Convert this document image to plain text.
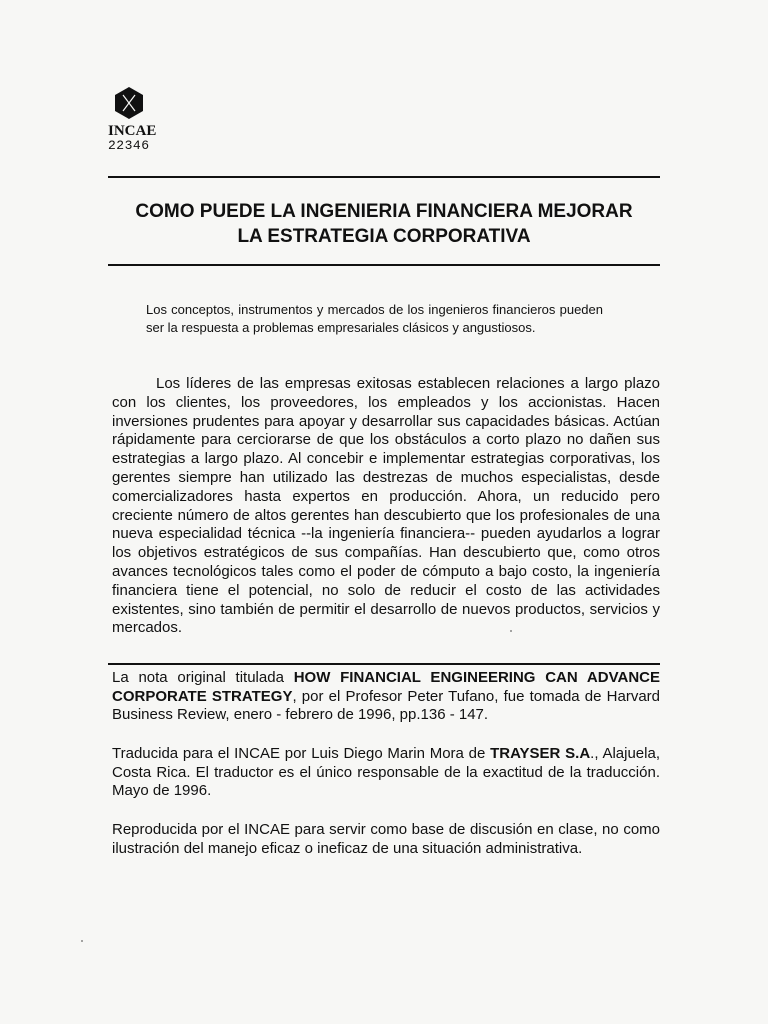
INCAE
22346
COMO PUEDE LA INGENIERIA FINANCIERA MEJORAR
LA ESTRATEGIA CORPORATIVA
Los conceptos, instrumentos y mercados de los ingenieros financieros pueden ser la respuesta a problemas empresariales clásicos y angustiosos.

Los líderes de las empresas exitosas establecen relaciones a largo plazo con los clientes, los proveedores, los empleados y los accionistas. Hacen inversiones prudentes para apoyar y desarrollar sus capacidades básicas. Actúan rápidamente para cerciorarse de que los obstáculos a corto plazo no dañen sus estrategias a largo plazo. Al concebir e implementar estrategias corporativas, los gerentes siempre han utilizado las destrezas de muchos especialistas, desde comercializadores hasta expertos en producción. Ahora, un reducido pero creciente número de altos gerentes han descubierto que los profesionales de una nueva especialidad técnica --la ingeniería financiera-- pueden ayudarlos a lograr los objetivos estratégicos de sus compañías. Han descubierto que, como otros avances tecnológicos tales como el poder de cómputo a bajo costo, la ingeniería financiera tiene el potencial, no solo de reducir el costo de las actividades existentes, sino también de permitir el desarrollo de nuevos productos, servicios y mercados.

La nota original titulada HOW FINANCIAL ENGINEERING CAN ADVANCE CORPORATE STRATEGY, por el Profesor Peter Tufano, fue tomada de Harvard Business Review, enero - febrero de 1996, pp.136 - 147.

Traducida para el INCAE por Luis Diego Marin Mora de TRAYSER S.A., Alajuela, Costa Rica. El traductor es el único responsable de la exactitud de la traducción. Mayo de 1996.

Reproducida por el INCAE para servir como base de discusión en clase, no como ilustración del manejo eficaz o ineficaz de una situación administrativa.
